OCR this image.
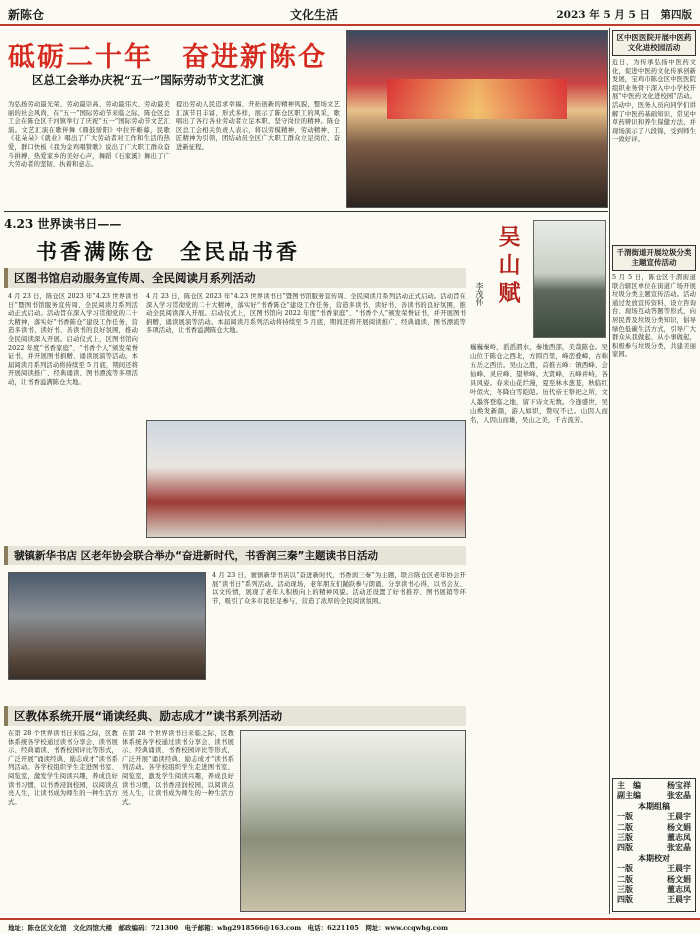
新陈仓	文化生活	2023 年 5 月 5 日　第四版
砥砺二十年　奋进新陈仓
区总工会举办庆祝“五一”国际劳动节文艺汇演
为弘扬劳动最光荣、劳动最崇高、劳动最伟大、劳动最美丽的社会风尚，在“五一”国际劳动节来临之际，陈仓区总工会在陈仓区千河镇举行了庆祝“五一”国际劳动节文艺汇演。文艺汇演在歌伴舞《鼎鼓骄阳》中拉开帷幕，民歌《花朵朵》《就业》唱出了广大劳动者对工作和生活的热爱，群口快板《我为金鸡唱赞歌》说出了广大职工群众奋斗拼搏、热爱家乡的美好心声，舞蹈《石家溪》舞出了广大劳动者的坚韧、执着和意志。
提出劳动人民追求幸福、开拓创新的精神风貌，整场文艺汇演节目丰富、形式多样，展示了陈仓区职工的风采，歌唱出了各行各业劳动者立足本职、坚守岗位的精神。陈仓区总工会相关负责人表示，将以劳模精神、劳动精神、工匠精神为引领，团结动员全区广大职工群众立足岗位、奋进新征程。
4.23 世界读书日——
书香满陈仓　全民品书香
区图书馆启动服务宣传周、全民阅读月系列活动
4 月 23 日，陈仓区 2023 年“4.23 世界读书日”暨图书馆服务宣传周、全民阅读月系列活动正式启动。活动旨在深入学习贯彻党的二十大精神，落实好“书香陈仓”建设工作任务，营造多读书、读好书、善读书的良好氛围，推动全民阅读深入开展。启动仪式上，区图书馆向 2022 年度“书香家庭”、“书香个人”颁发荣誉证书，并开展图书捐赠、诵读展演等活动。本届阅读月系列活动将持续至 5 月底，期间还将开展阅读推广、经典诵读、图书漂流等多项活动，让书香溢满陈仓大地。
4 月 23 日，陈仓区 2023 年“4.23 世界读书日”暨图书馆服务宣传周、全民阅读月系列活动正式启动。活动旨在深入学习贯彻党的二十大精神，落实好“书香陈仓”建设工作任务，营造多读书、读好书、善读书的良好氛围，推动全民阅读深入开展。启动仪式上，区图书馆向 2022 年度“书香家庭”、“书香个人”颁发荣誉证书，并开展图书捐赠、诵读展演等活动。本届阅读月系列活动将持续至 5 月底，期间还将开展阅读推广、经典诵读、图书漂流等多项活动，让书香溢满陈仓大地。
吴山赋
李茂怀
巍巍秦岭，滔滔渭水，秦地西部，美哉陈仓。吴山位于陈仓之西北，方圆百里，峰峦叠嶂，古称五岳之西岳。吴山之胜，首推五峰：镇西峰、会仙峰、灵应峰、望辇峰、大贤峰，五峰并峙，各具风姿。春来山花烂漫，夏至林木葱茏，秋临红叶似火，冬降白雪皑皑。历代帝王祭祀之所，文人墨客登临之地，留下诗文无数。今逢盛世，吴山焕发新颜，游人如织，赞叹不已。山因人而名，人因山而雄，吴山之美，千古流芳。
虢镇新华书店 区老年协会联合举办“奋进新时代，书香润三秦”主题读书日活动
4 月 23 日，虢镇新华书店以“奋进新时代，书香润三秦”为主题，联合陈仓区老年协会开展“读书日”系列活动。活动现场，老年朋友们踊跃参与朗诵、分享读书心得，以书会友、以文传情，展现了老年人积极向上的精神风貌。活动还设置了好书推荐、图书展销等环节，吸引了众多市民驻足参与，营造了浓厚的全民阅读氛围。
区教体系统开展“诵读经典、励志成才”读书系列活动
在第 28 个世界读书日来临之际，区教体系统各学校通过读书分享会、读书展示、经典诵读、书香校园评比等形式，广泛开展“诵读经典、励志成才”读书系列活动。各学校组织学生走进图书室、阅览室，激发学生阅读兴趣，养成良好读书习惯，以书香浸润校园，以阅读点亮人生，让读书成为师生的一种生活方式。
在第 28 个世界读书日来临之际，区教体系统各学校通过读书分享会、读书展示、经典诵读、书香校园评比等形式，广泛开展“诵读经典、励志成才”读书系列活动。各学校组织学生走进图书室、阅览室，激发学生阅读兴趣，养成良好读书习惯，以书香浸润校园，以阅读点亮人生，让读书成为师生的一种生活方式。
区中医医院开展中医药文化进校园活动
近日，为传承弘扬中医药文化，促进中医药文化传承创新发展，宝鸡市陈仓区中医医院组织业务骨干深入中小学校开展“中医药文化进校园”活动。活动中，医务人员向同学们讲解了中医药基础知识、常见中草药辨识和养生保健方法，并现场演示了八段锦，受到师生一致好评。
千渭街道开展垃圾分类主题宣传活动
5 月 5 日，陈仓区千渭街道联合辖区单位在街道广场开展垃圾分类主题宣传活动。活动通过发放宣传资料、设立咨询台、现场互动答题等形式，向居民普及垃圾分类知识，倡导绿色低碳生活方式，引导广大群众从我做起、从小事做起，积极参与垃圾分类，共建美丽家园。
主　编	杨宝祥
副主编	张宏晶
本期组稿
一版	王晨宇
二版	杨文娟
三版	董志凤
四版	张宏晶
本期校对
一版	王晨宇
二版	杨文娟
三版	董志凤
四版	王晨宇
地址：陈仓区文化馆　文化四馆大楼　邮政编码：721300　电子邮箱：whg2918566@163.com　电话：6221105　网址：www.ccqwhg.com
